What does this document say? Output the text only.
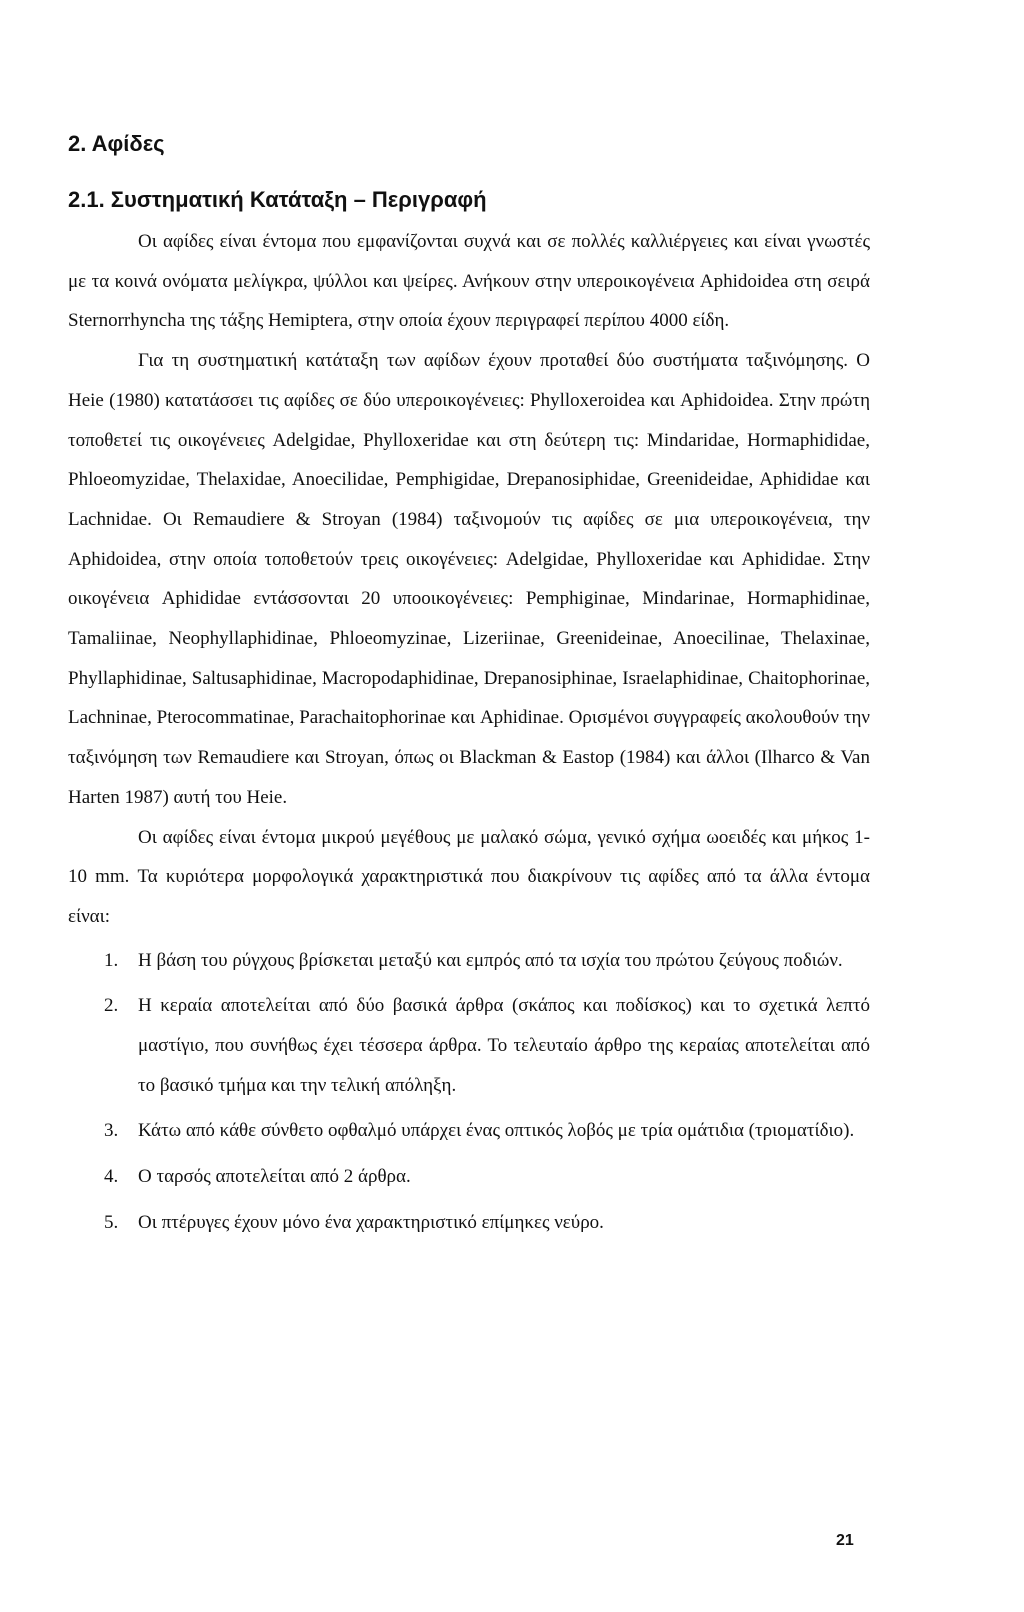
2. Αφίδες
2.1. Συστηματική Κατάταξη – Περιγραφή

Οι αφίδες είναι έντομα που εμφανίζονται συχνά και σε πολλές καλλιέργειες και είναι γνωστές με τα κοινά ονόματα μελίγκρα, ψύλλοι και ψείρες. Ανήκουν στην υπεροικογένεια Aphidoidea στη σειρά Sternorrhyncha της τάξης Hemiptera, στην οποία έχουν περιγραφεί περίπου 4000 είδη.

Για τη συστηματική κατάταξη των αφίδων έχουν προταθεί δύο συστήματα ταξινόμησης. Ο Heie (1980) κατατάσσει τις αφίδες σε δύο υπεροικογένειες: Phylloxeroidea και Aphidoidea. Στην πρώτη τοποθετεί τις οικογένειες Adelgidae, Phylloxeridae και στη δεύτερη τις: Mindaridae, Hormaphididae, Phloeomyzidae, Thelaxidae, Anoecilidae, Pemphigidae, Drepanosiphidae, Greenideidae, Aphididae και Lachnidae. Οι Remaudiere & Stroyan (1984) ταξινομούν τις αφίδες σε μια υπεροικογένεια, την Aphidoidea, στην οποία τοποθετούν τρεις οικογένειες: Adelgidae, Phylloxeridae και Aphididae. Στην οικογένεια Aphididae εντάσσονται 20 υποοικογένειες: Pemphiginae, Mindarinae, Hormaphidinae, Tamaliinae, Neophyllaphidinae, Phloeomyzinae, Lizeriinae, Greenideinae, Anoecilinae, Thelaxinae, Phyllaphidinae, Saltusaphidinae, Macropodaphidinae, Drepanosiphinae, Israelaphidinae, Chaitophorinae, Lachninae, Pterocommatinae, Parachaitophorinae και Aphidinae. Ορισμένοι συγγραφείς ακολουθούν την ταξινόμηση των Remaudiere και Stroyan, όπως οι Blackman & Eastop (1984) και άλλοι (Ilharco & Van Harten 1987) αυτή του Heie.

Οι αφίδες είναι έντομα μικρού μεγέθους με μαλακό σώμα, γενικό σχήμα ωοειδές και μήκος 1-10 mm. Τα κυριότερα μορφολογικά χαρακτηριστικά που διακρίνουν τις αφίδες από τα άλλα έντομα είναι:

1. Η βάση του ρύγχους βρίσκεται μεταξύ και εμπρός από τα ισχία του πρώτου ζεύγους ποδιών.
2. Η κεραία αποτελείται από δύο βασικά άρθρα (σκάπος και ποδίσκος) και το σχετικά λεπτό μαστίγιο, που συνήθως έχει τέσσερα άρθρα. Το τελευταίο άρθρο της κεραίας αποτελείται από το βασικό τμήμα και την τελική απόληξη.
3. Κάτω από κάθε σύνθετο οφθαλμό υπάρχει ένας οπτικός λοβός με τρία ομάτιδια (τριοματίδιο).
4. Ο ταρσός αποτελείται από 2 άρθρα.
5. Οι πτέρυγες έχουν μόνο ένα χαρακτηριστικό επίμηκες νεύρο.
21
